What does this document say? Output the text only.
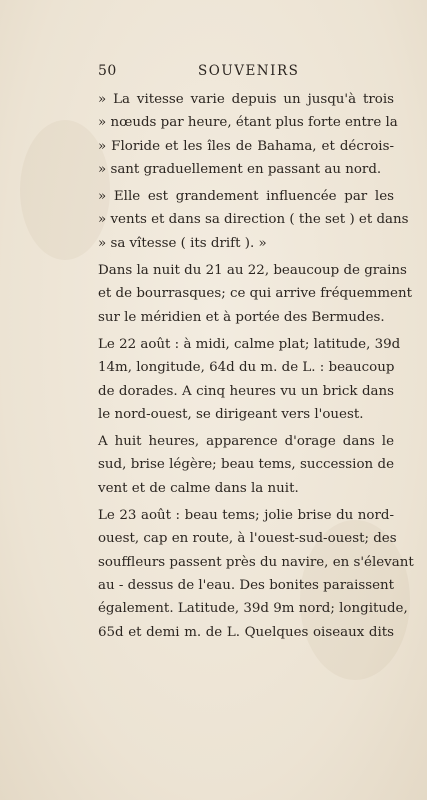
50	SOUVENIRS
» La vitesse varie depuis un jusqu'à trois
» nœuds par heure, étant plus forte entre la
» Floride et les îles de Bahama, et décrois-
» sant graduellement en passant au nord.
» Elle est grandement influencée par les
» vents et dans sa direction ( the set ) et dans
» sa vîtesse ( its drift ). »
Dans la nuit du 21 au 22, beaucoup de grains
et de bourrasques; ce qui arrive fréquemment
sur le méridien et à portée des Bermudes.
Le 22 août : à midi, calme plat; latitude, 39d
14m, longitude, 64d du m. de L. : beaucoup
de dorades. A cinq heures vu un brick dans
le nord-ouest, se dirigeant vers l'ouest.
A huit heures, apparence d'orage dans le
sud, brise légère; beau tems, succession de
vent et de calme dans la nuit.
Le 23 août : beau tems; jolie brise du nord-
ouest, cap en route, à l'ouest-sud-ouest; des
souffleurs passent près du navire, en s'élevant
au - dessus de l'eau. Des bonites paraissent
également. Latitude, 39d 9m nord; longitude,
65d et demi m. de L. Quelques oiseaux dits
